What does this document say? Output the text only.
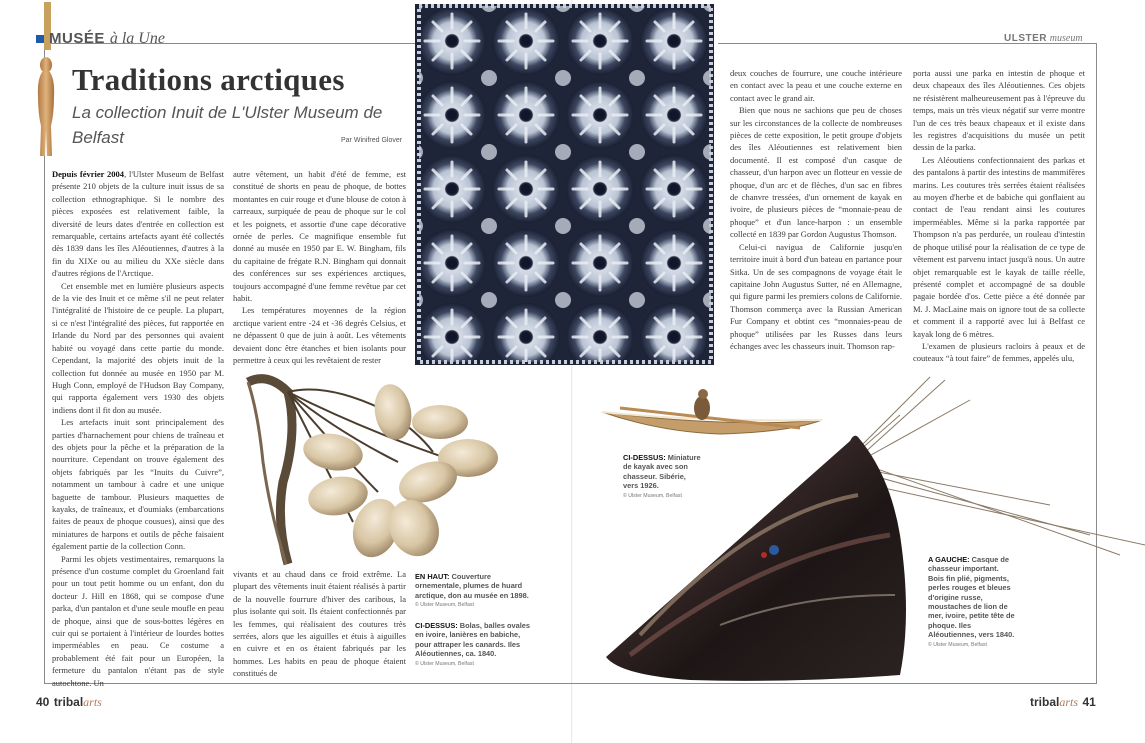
MUSÉE à la Une	ULSTER museum
Traditions arctiques
La collection Inuit de L'Ulster Museum de Belfast	Par Winifred Glover

Depuis février 2004, l'Ulster Museum de Belfast présente 210 objets de la culture inuit issus de sa collection ethnographique. Si le nombre des pièces exposées est relativement faible, la diversité de leurs dates d'entrée en collection est remarquable, certains artefacts ayant été collectés dès 1839 dans les îles Aléoutiennes, d'autres à la fin du XIXe ou au milieu du XXe siècle dans d'autres régions de l'Arctique.

Cet ensemble met en lumière plusieurs aspects de la vie des Inuit et ce même s'il ne peut relater l'intégralité de l'histoire de ce peuple. La plupart, si ce n'est l'intégralité des pièces, fut rapportée en Irlande du Nord par des personnes qui avaient habité ou voyagé dans cette partie du monde. Cependant, la majorité des objets inuit de la collection fut donnée au musée en 1950 par M. Hugh Conn, employé de l'Hudson Bay Company, qui rapporta également vers 1930 des objets indiens dont il fit don au musée.

Les artefacts inuit sont principalement des parties d'harnachement pour chiens de traîneau et des objets pour la pêche et la préparation de la nourriture. Cependant on trouve également des objets fabriqués par les “Inuits du Cuivre”, notamment un tambour à cadre et une unique baguette de tambour. Plusieurs maquettes de kayaks, de traîneaux, et d'oumiaks (embarcations faites de peaux de phoque cousues), ainsi que des miniatures de harpons et outils de pêche faisaient également partie de la collection Conn.

Parmi les objets vestimentaires, remarquons la présence d'un costume complet du Groenland fait pour un tout petit homme ou un enfant, don du docteur J. Hill en 1868, qui se compose d'une parka, d'un pantalon et d'une seule moufle en peau de phoque, ainsi que de sous-bottes légères en cuir qui se portaient à l'intérieur de lourdes bottes imperméables en peau. Ce costume a probablement été fait pour un Européen, la fermeture du pantalon n'étant pas de style autochtone. Un

autre vêtement, un habit d'été de femme, est constitué de shorts en peau de phoque, de bottes montantes en cuir rouge et d'une blouse de coton à carreaux, surpiquée de peau de phoque sur le col et les poignets, et assortie d'une cape décorative ornée de perles. Ce magnifique ensemble fut donné au musée en 1950 par E. W. Bingham, fils du capitaine de frégate R.N. Bingham qui donnait des conférences sur ses expériences arctiques, toujours accompagné d'une femme revêtue par cet habit.

Les températures moyennes de la région arctique varient entre -24 et -36 degrés Celsius, et ne dépassent 0 que de juin à août. Les vêtements devaient donc être étanches et bien isolants pour permettre à ceux qui les revêtaient de rester

vivants et au chaud dans ce froid extrême. La plupart des vêtements inuit étaient réalisés à partir de la nouvelle fourrure d'hiver des caribous, la plus isolante qui soit. Ils étaient confectionnés par les femmes, qui réalisaient des coutures très serrées, alors que les aiguilles et étuis à aiguilles en cuivre et en os étaient fabriqués par les hommes. Les habits en peau de phoque étaient constitués de

deux couches de fourrure, une couche intérieure en contact avec la peau et une couche externe en contact avec le grand air.

Bien que nous ne sachions que peu de choses sur les circonstances de la collecte de nombreuses pièces de cette exposition, le petit groupe d'objets des îles Aléoutiennes est relativement bien documenté. Il est composé d'un casque de chasseur, d'un harpon avec un flotteur en vessie de phoque, d'un arc et de flèches, d'un sac en fibres de chanvre tressées, d'un ornement de kayak en ivoire, de plusieurs pièces de “monnaie-peau de phoque” et d'un lance-harpon : un ensemble collecté en 1839 par Gordon Augustus Thomson.

Celui-ci navigua de Californie jusqu'en territoire inuit à bord d'un bateau en partance pour Sitka. Un de ses compagnons de voyage était le capitaine John Augustus Sutter, né en Allemagne, qui figure parmi les premiers colons de Californie. Thomson commerça avec la Russian American Fur Company et obtint ces “monnaies-peau de phoque” utilisées par les Russes dans leurs échanges avec les chasseurs inuit. Thomson rap-

porta aussi une parka en intestin de phoque et deux chapeaux des îles Aléoutiennes. Ces objets ne résistèrent malheureusement pas à l'épreuve du temps, mais un très vieux négatif sur verre montre l'un de ces très beaux chapeaux et il existe dans les registres d'acquisitions du musée un petit dessin de la parka.

Les Aléoutiens confectionnaient des parkas et des pantalons à partir des intestins de mammifères marins. Les coutures très serrées étaient réalisées au moyen d'herbe et de babiche qui gonflaient au contact de l'eau rendant ainsi les coutures imperméables. Même si la parka rapportée par Thompson n'a pas perdurée, un rouleau d'intestin de phoque utilisé pour la réalisation de ce type de vêtement est parvenu intact jusqu'à nous. Un autre objet remarquable est le kayak de taille réelle, présenté complet et accompagné de sa double pagaie bordée d'os. Cette pièce a été donnée par M. J. MacLaine mais on ignore tout de sa collecte et comment il a rapporté avec lui à Belfast ce kayak long de 6 mètres.

L'examen de plusieurs racloirs à peaux et de couteaux “à tout faire” de femmes, appelés ulu,

CI-DESSUS: Miniature de kayak avec son chasseur. Sibérie, vers 1926.
© Ulster Museum, Belfast
EN HAUT: Couverture ornementale, plumes de huard arctique, don au musée en 1898.
© Ulster Museum, Belfast
CI-DESSUS: Bolas, balles ovales en ivoire, lanières en babiche, pour attraper les canards. Iles Aléoutiennes, ca. 1840.
© Ulster Museum, Belfast
A GAUCHE: Casque de chasseur important. Bois fin plié, pigments, perles rouges et bleues d'origine russe, moustaches de lion de mer, ivoire, petite tête de phoque. Iles Aléoutiennes, vers 1840.
© Ulster Museum, Belfast
40 tribalarts	tribalarts 41
